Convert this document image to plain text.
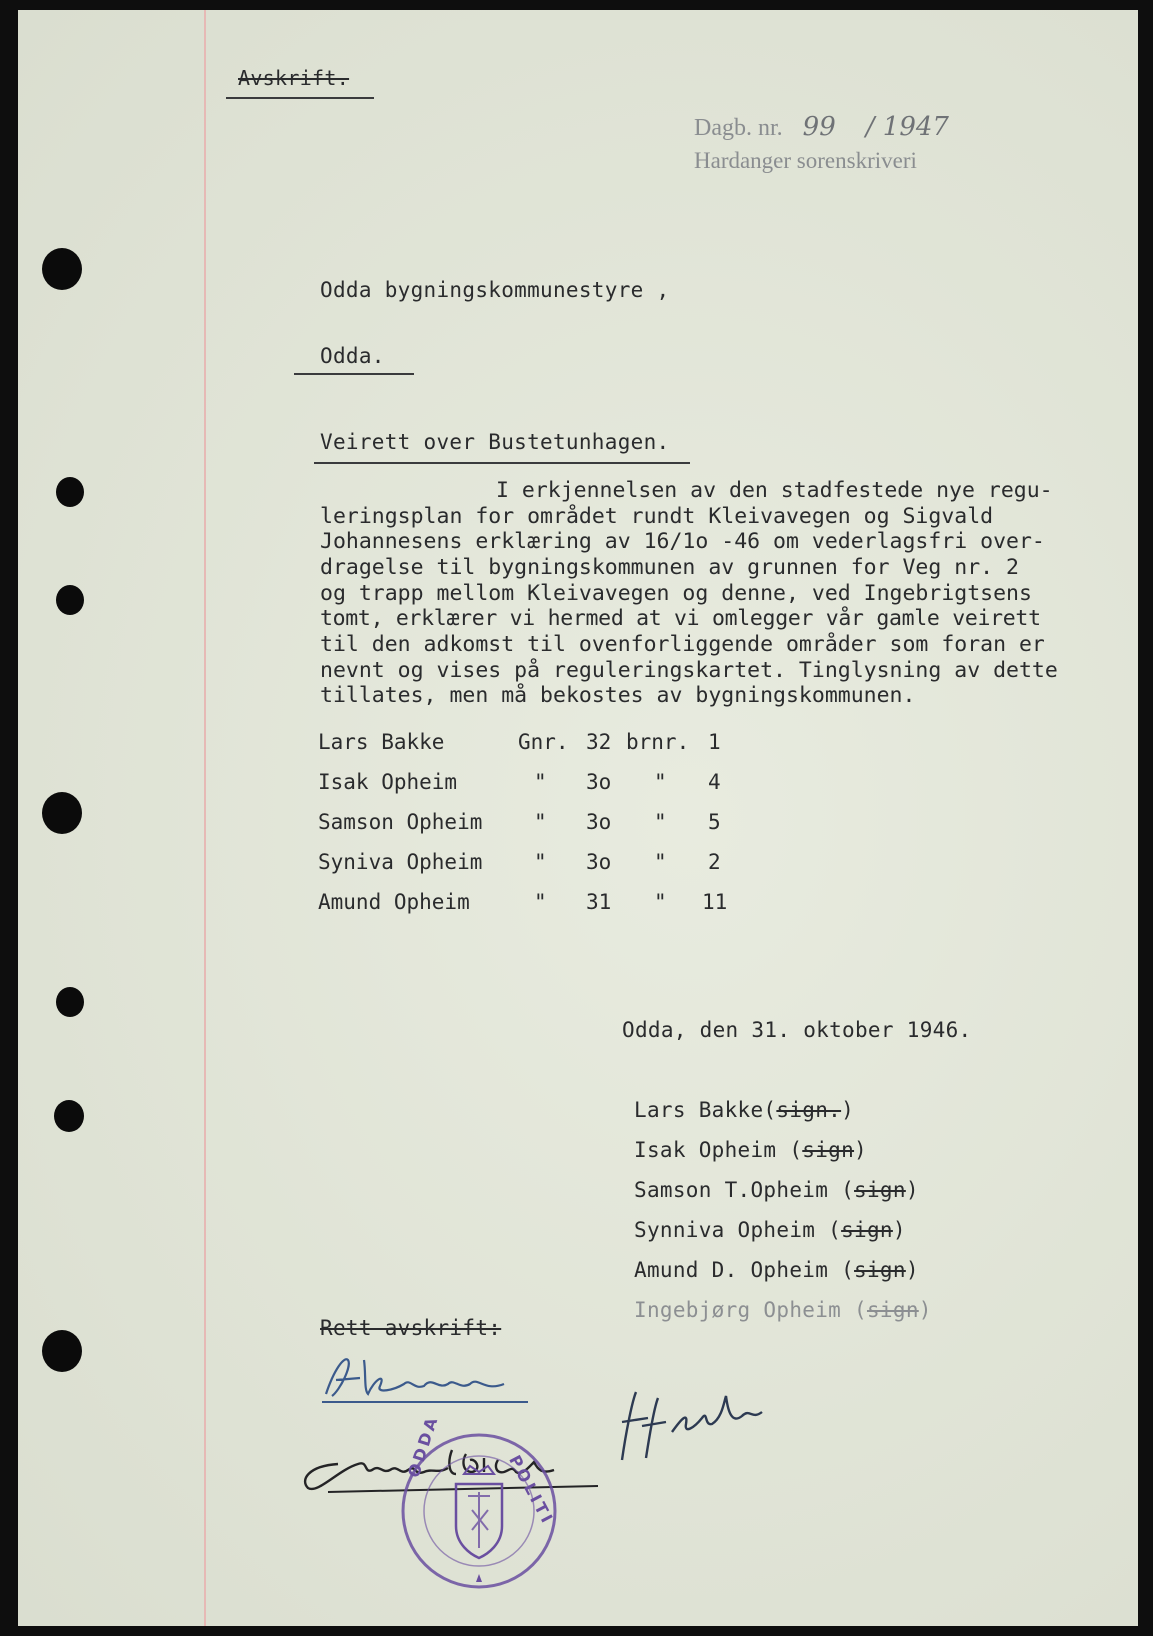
Avskrift.
Dagb. nr. 99 / 1947
Hardanger sorenskriveri
Odda bygningskommunestyre ,
Odda.
Veirett over Bustetunhagen.
I erkjennelsen av den stadfestede nye regu-
leringsplan for området rundt Kleivavegen og Sigvald
Johannesens erklæring av 16/1o -46 om vederlagsfri over-
dragelse til bygningskommunen av grunnen for Veg nr. 2
og trapp mellom Kleivavegen og denne, ved Ingebrigtsens
tomt, erklærer vi hermed at vi omlegger vår gamle veirett
til den adkomst til ovenforliggende områder som foran er
nevnt og vises på reguleringskartet. Tinglysning av dette
tillates, men må bekostes av bygningskommunen.
Lars Bakke	Gnr. 32 brnr. 1
Isak Opheim	" 3o " 4
Samson Opheim " 3o " 5
Syniva Opheim " 3o " 2
Amund Opheim	" 31 " 11
Odda, den 31. oktober 1946.
Lars Bakke(sign.)
Isak Opheim (sign)
Samson T.Opheim (sign)
Synniva Opheim (sign)
Amund D. Opheim (sign)
Ingebjørg Opheim (sign)
Rett avskrift:
ODDA
POLITI
